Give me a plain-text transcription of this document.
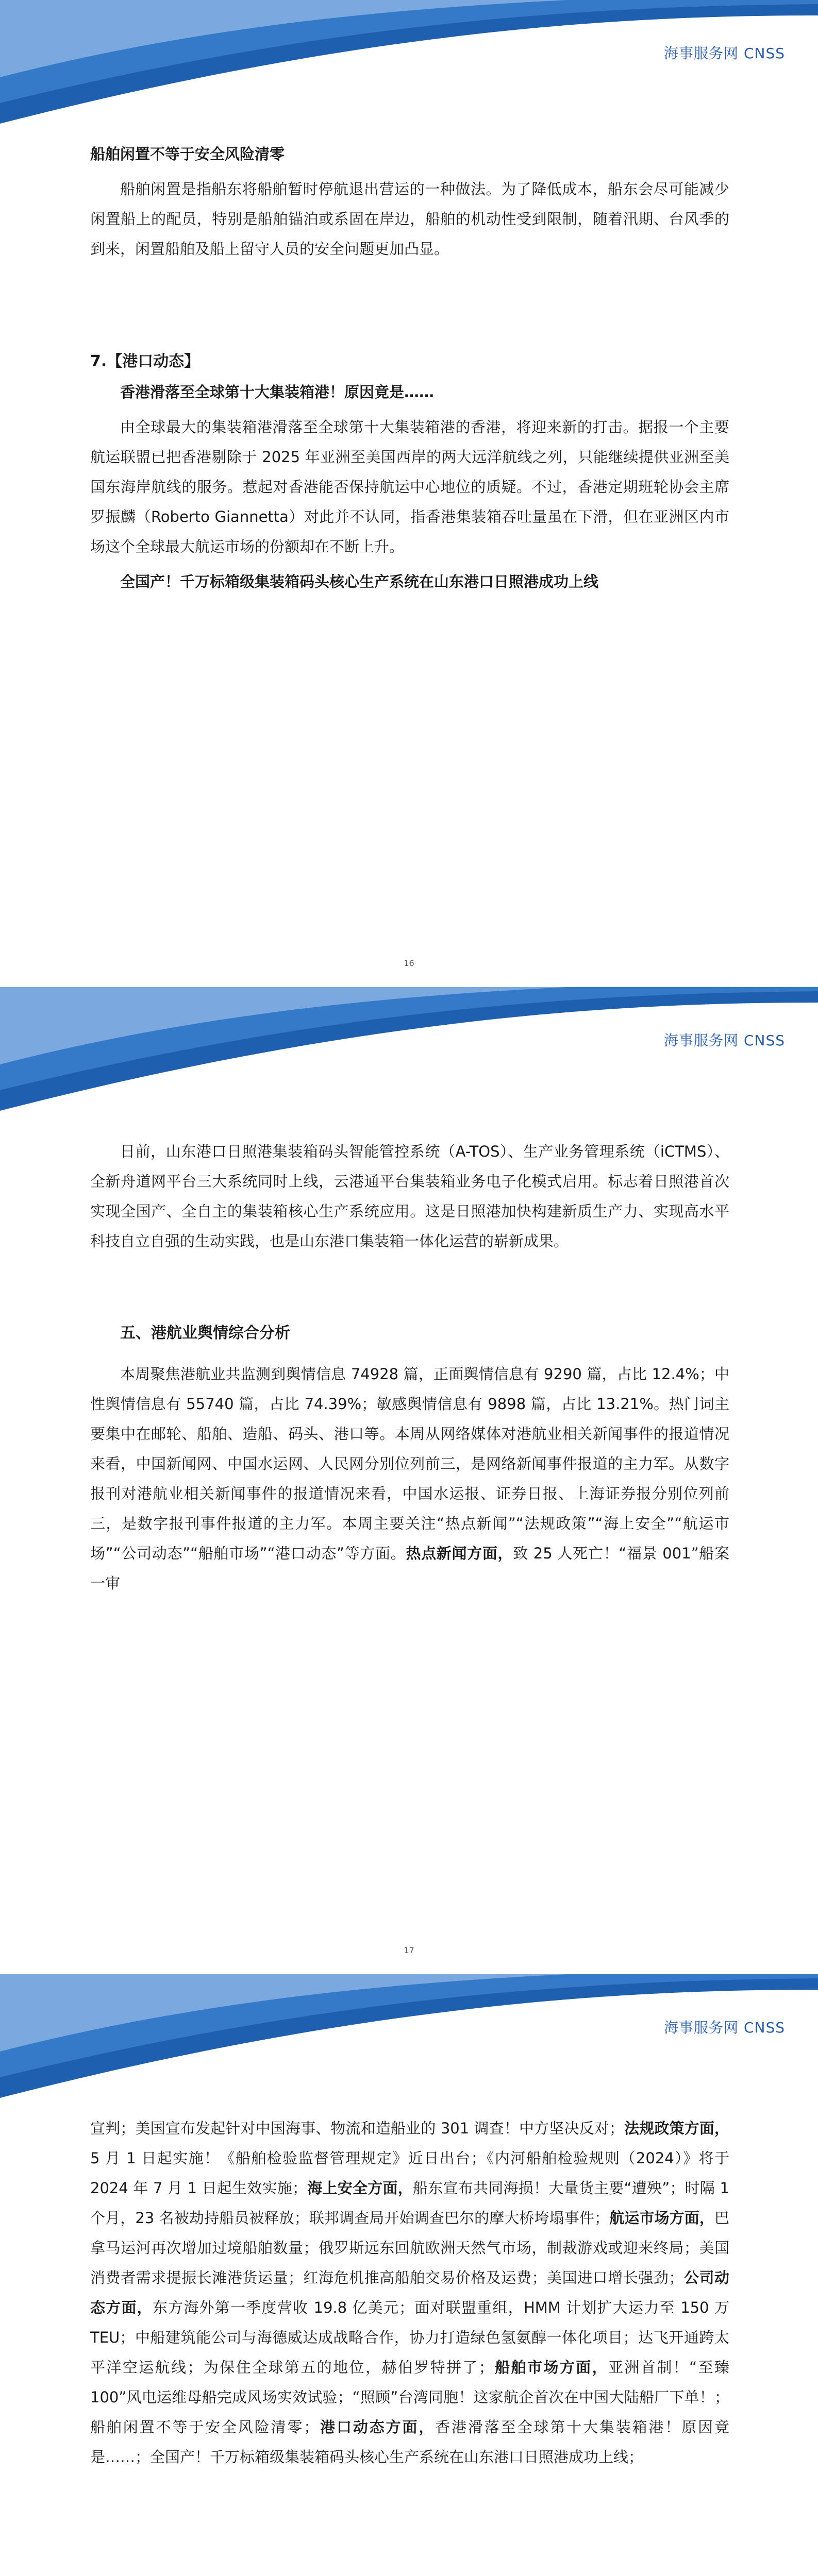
海事服务网 CNSS

船舶闲置不等于安全风险清零

船舶闲置是指船东将船舶暂时停航退出营运的一种做法。为了降低成本，船东会尽可能减少闲置船上的配员，特别是船舶锚泊或系固在岸边，船舶的机动性受到限制，随着汛期、台风季的到来，闲置船舶及船上留守人员的安全问题更加凸显。

7.【港口动态】

香港滑落至全球第十大集装箱港！原因竟是……

由全球最大的集装箱港滑落至全球第十大集装箱港的香港，将迎来新的打击。据报一个主要航运联盟已把香港剔除于 2025 年亚洲至美国西岸的两大远洋航线之列，只能继续提供亚洲至美国东海岸航线的服务。惹起对香港能否保持航运中心地位的质疑。不过，香港定期班轮协会主席罗振麟（Roberto Giannetta）对此并不认同，指香港集装箱吞吐量虽在下滑，但在亚洲区内市场这个全球最大航运市场的份额却在不断上升。

全国产！千万标箱级集装箱码头核心生产系统在山东港口日照港成功上线

16
海事服务网 CNSS

日前，山东港口日照港集装箱码头智能管控系统（A-TOS）、生产业务管理系统（iCTMS）、全新舟道网平台三大系统同时上线，云港通平台集装箱业务电子化模式启用。标志着日照港首次实现全国产、全自主的集装箱核心生产系统应用。这是日照港加快构建新质生产力、实现高水平科技自立自强的生动实践，也是山东港口集装箱一体化运营的崭新成果。

五、港航业舆情综合分析

本周聚焦港航业共监测到舆情信息 74928 篇，正面舆情信息有 9290 篇，占比 12.4%；中性舆情信息有 55740 篇，占比 74.39%；敏感舆情信息有 9898 篇，占比 13.21%。热门词主要集中在邮轮、船舶、造船、码头、港口等。本周从网络媒体对港航业相关新闻事件的报道情况来看，中国新闻网、中国水运网、人民网分别位列前三，是网络新闻事件报道的主力军。从数字报刊对港航业相关新闻事件的报道情况来看，中国水运报、证券日报、上海证券报分别位列前三，是数字报刊事件报道的主力军。本周主要关注“热点新闻”“法规政策”“海上安全”“航运市场”“公司动态”“船舶市场”“港口动态”等方面。热点新闻方面，致 25 人死亡！“福景 001”船案一审

17
海事服务网 CNSS

宣判；美国宣布发起针对中国海事、物流和造船业的 301 调查！中方坚决反对；法规政策方面，5 月 1 日起实施！《船舶检验监督管理规定》近日出台；《内河船舶检验规则（2024）》将于 2024 年 7 月 1 日起生效实施；海上安全方面，船东宣布共同海损！大量货主要“遭殃”；时隔 1 个月，23 名被劫持船员被释放；联邦调查局开始调查巴尔的摩大桥垮塌事件；航运市场方面，巴拿马运河再次增加过境船舶数量；俄罗斯远东回航欧洲天然气市场，制裁游戏或迎来终局；美国消费者需求提振长滩港货运量；红海危机推高船舶交易价格及运费；美国进口增长强劲；公司动态方面，东方海外第一季度营收 19.8 亿美元；面对联盟重组，HMM 计划扩大运力至 150 万 TEU；中船建筑能公司与海德威达成战略合作，协力打造绿色氢氨醇一体化项目；达飞开通跨太平洋空运航线；为保住全球第五的地位，赫伯罗特拼了；船舶市场方面，亚洲首制！“至臻 100”风电运维母船完成风场实效试验；“照顾”台湾同胞！这家航企首次在中国大陆船厂下单！；船舶闲置不等于安全风险清零；港口动态方面，香港滑落至全球第十大集装箱港！原因竟是……；全国产！千万标箱级集装箱码头核心生产系统在山东港口日照港成功上线；
